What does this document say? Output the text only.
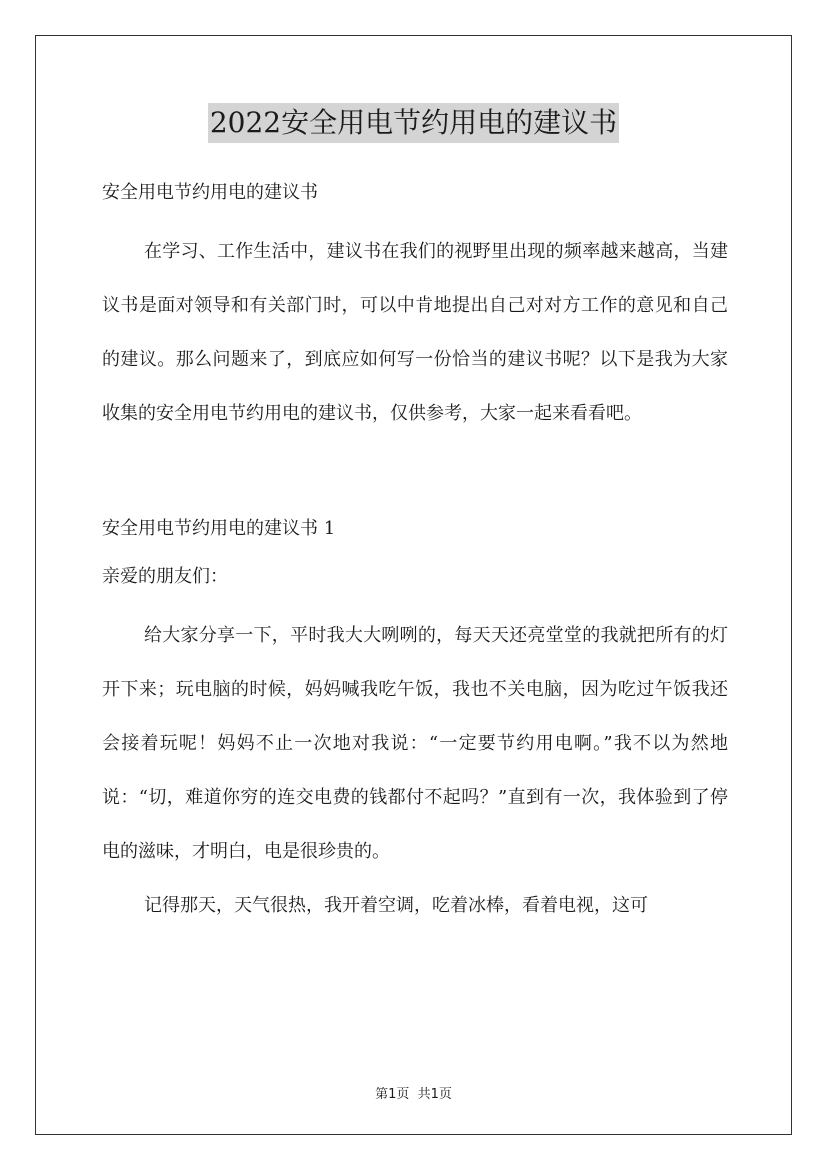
2022安全用电节约用电的建议书
安全用电节约用电的建议书

在学习、工作生活中，建议书在我们的视野里出现的频率越来越高，当建议书是面对领导和有关部门时，可以中肯地提出自己对对方工作的意见和自己的建议。那么问题来了，到底应如何写一份恰当的建议书呢？以下是我为大家收集的安全用电节约用电的建议书，仅供参考，大家一起来看看吧。

安全用电节约用电的建议书 1
亲爱的朋友们：

给大家分享一下，平时我大大咧咧的，每天天还亮堂堂的我就把所有的灯开下来；玩电脑的时候，妈妈喊我吃午饭，我也不关电脑，因为吃过午饭我还会接着玩呢！妈妈不止一次地对我说：“一定要节约用电啊。”我不以为然地说：“切，难道你穷的连交电费的钱都付不起吗？”直到有一次，我体验到了停电的滋味，才明白，电是很珍贵的。

记得那天，天气很热，我开着空调，吃着冰棒，看着电视，这可

第1页 共1页
